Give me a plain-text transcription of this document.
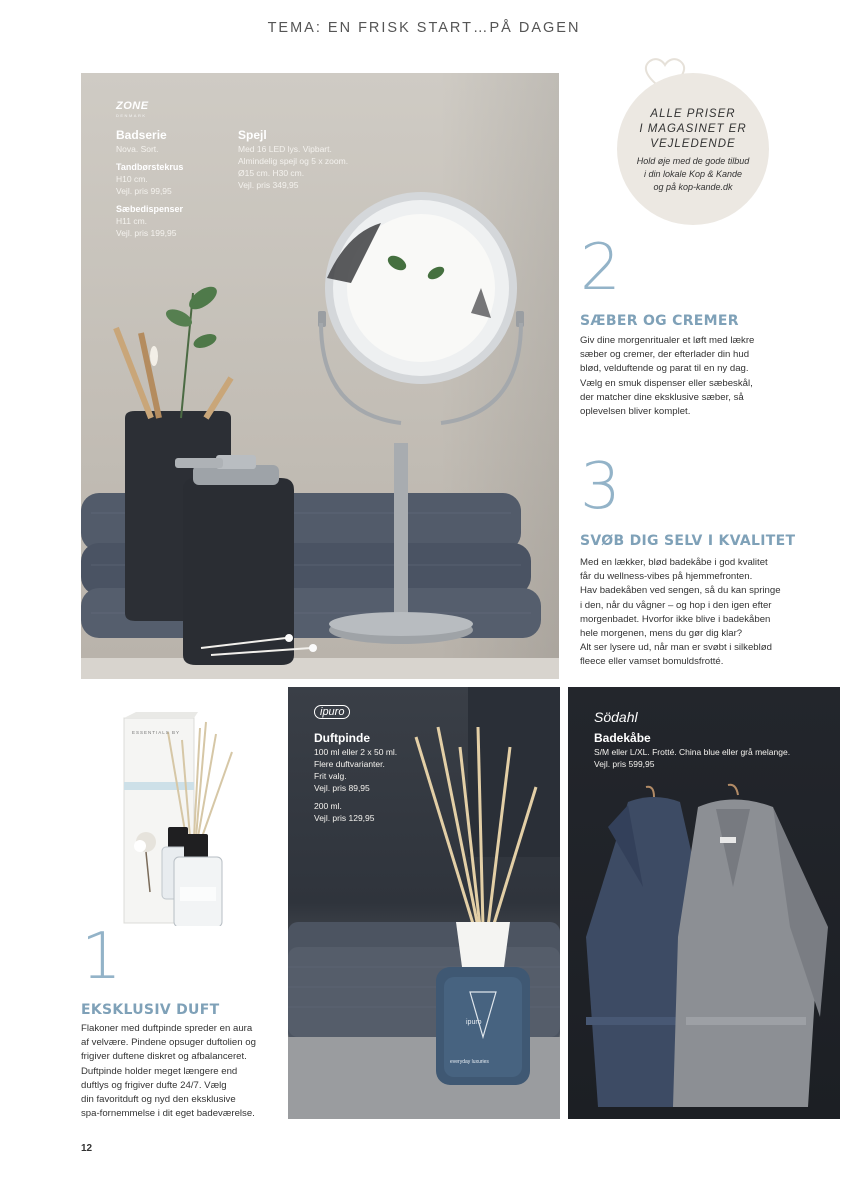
TEMA: EN FRISK START…PÅ DAGEN
ZONE
DENMARK
Badserie
Nova. Sort.
Tandbørstekrus
H10 cm.
Vejl. pris 99,95
Sæbedispenser
H11 cm.
Vejl. pris 199,95
Spejl
Med 16 LED lys. Vipbart.
Almindelig spejl og 5 x zoom.
Ø15 cm. H30 cm.
Vejl. pris 349,95
ALLE PRISER
I MAGASINET ER
VEJLEDENDE
Hold øje med de gode tilbud
i din lokale Kop & Kande
og på kop-kande.dk
2
SÆBER OG CREMER
Giv dine morgenritualer et løft med lækre
sæber og cremer, der efterlader din hud
blød, velduftende og parat til en ny dag.
Vælg en smuk dispenser eller sæbeskål,
der matcher dine eksklusive sæber, så
oplevelsen bliver komplet.
3
SVØB DIG SELV I KVALITET
Med en lækker, blød badekåbe i god kvalitet
får du wellness-vibes på hjemmefronten.
Hav badekåben ved sengen, så du kan springe
i den, når du vågner – og hop i den igen efter
morgenbadet. Hvorfor ikke blive i badekåben
hele morgenen, mens du gør dig klar?
Alt ser lysere ud, når man er svøbt i silkeblød
fleece eller vamset bomuldsfrotté.
ESSENTIALS BY
1
EKSKLUSIV DUFT
Flakoner med duftpinde spreder en aura
af velvære. Pindene opsuger duftolien og
frigiver duftene diskret og afbalanceret.
Duftpinde holder meget længere end
duftlys og frigiver dufte 24/7. Vælg
din favoritduft og nyd den eksklusive
spa-fornemmelse i dit eget badeværelse.
ipuro
Duftpinde
100 ml eller 2 x 50 ml.
Flere duftvarianter.
Frit valg.
Vejl. pris 89,95
200 ml.
Vejl. pris 129,95
ipuro
everyday luxuries
Södahl
Badekåbe
S/M eller L/XL. Frotté. China blue eller grå melange.
Vejl. pris 599,95
12
